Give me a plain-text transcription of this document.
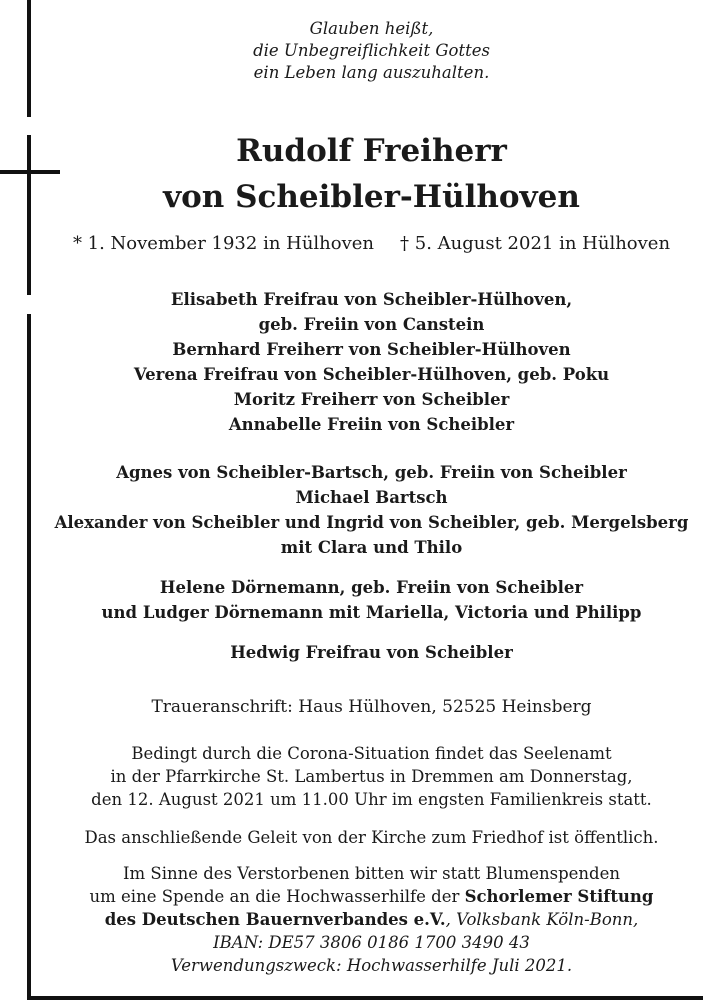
Glauben heißt,
die Unbegreiflichkeit Gottes
ein Leben lang auszuhalten.
Rudolf Freiherr
von Scheibler-Hülhoven
* 1. November 1932 in Hülhoven † 5. August 2021 in Hülhoven
Elisabeth Freifrau von Scheibler-Hülhoven,
geb. Freiin von Canstein
Bernhard Freiherr von Scheibler-Hülhoven
Verena Freifrau von Scheibler-Hülhoven, geb. Poku
Moritz Freiherr von Scheibler
Annabelle Freiin von Scheibler
Agnes von Scheibler-Bartsch, geb. Freiin von Scheibler
Michael Bartsch
Alexander von Scheibler und Ingrid von Scheibler, geb. Mergelsberg
mit Clara und Thilo
Helene Dörnemann, geb. Freiin von Scheibler
und Ludger Dörnemann mit Mariella, Victoria und Philipp
Hedwig Freifrau von Scheibler
Traueranschrift: Haus Hülhoven, 52525 Heinsberg
Bedingt durch die Corona-Situation findet das Seelenamt
in der Pfarrkirche St. Lambertus in Dremmen am Donnerstag,
den 12. August 2021 um 11.00 Uhr im engsten Familienkreis statt.
Das anschließende Geleit von der Kirche zum Friedhof ist öffentlich.
Im Sinne des Verstorbenen bitten wir statt Blumenspenden
um eine Spende an die Hochwasserhilfe der Schorlemer Stiftung
des Deutschen Bauernverbandes e.V., Volksbank Köln-Bonn,
IBAN: DE57 3806 0186 1700 3490 43
Verwendungszweck: Hochwasserhilfe Juli 2021.
